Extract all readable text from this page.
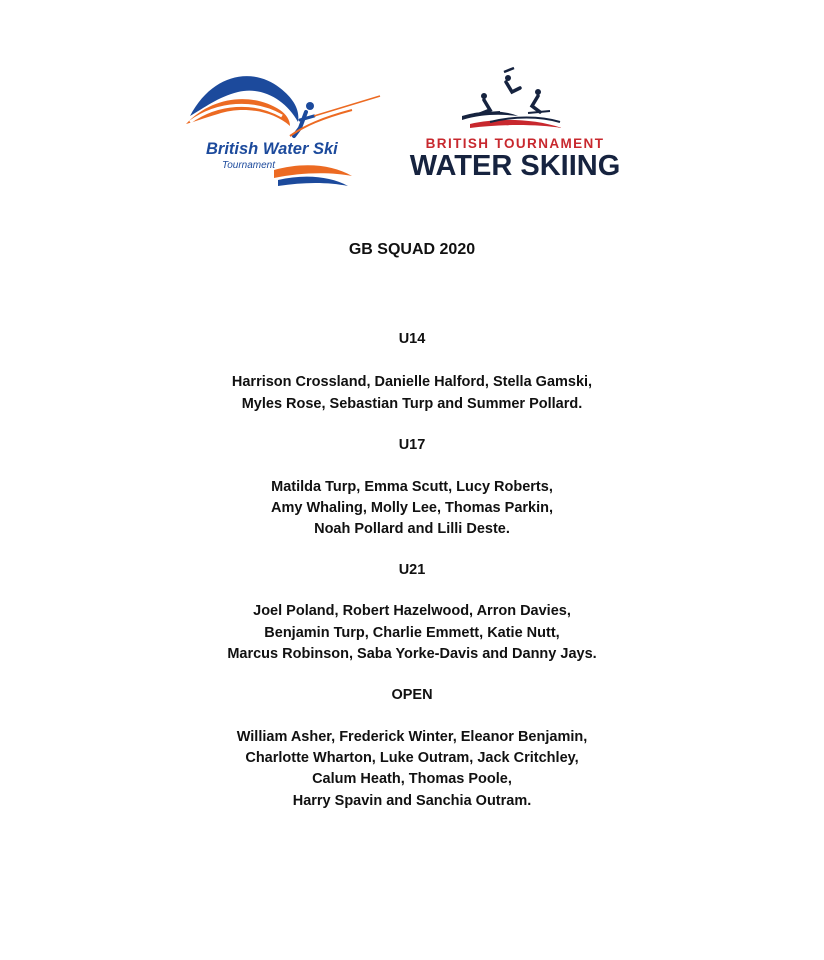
British Water Ski
Tournament
BRITISH TOURNAMENT
WATER SKIING
GB SQUAD 2020
U14
Harrison Crossland, Danielle Halford, Stella Gamski,
Myles Rose, Sebastian Turp and Summer Pollard.
U17
Matilda Turp, Emma Scutt, Lucy Roberts,
Amy Whaling, Molly Lee, Thomas Parkin,
Noah Pollard and Lilli Deste.
U21
Joel Poland, Robert Hazelwood, Arron Davies,
Benjamin Turp, Charlie Emmett, Katie Nutt,
Marcus Robinson, Saba Yorke-Davis and Danny Jays.
OPEN
William Asher, Frederick Winter, Eleanor Benjamin,
Charlotte Wharton, Luke Outram, Jack Critchley,
Calum Heath, Thomas Poole,
Harry Spavin and Sanchia Outram.
